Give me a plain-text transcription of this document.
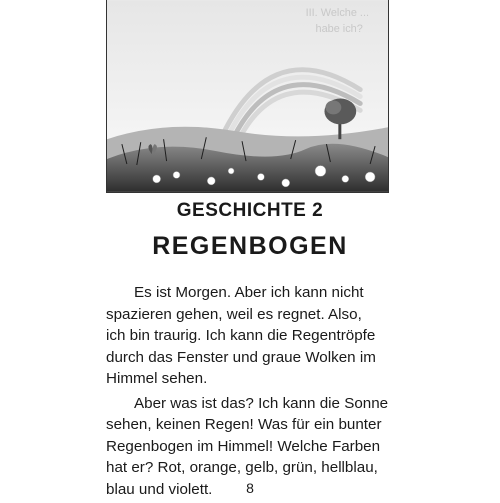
III. Welche ...
habe ich?
GESCHICHTE 2
REGENBOGEN

Es ist Morgen. Aber ich kann nicht
spazieren gehen, weil es regnet. Also,
ich bin traurig. Ich kann die Regentröpfe
durch das Fenster und graue Wolken im
Himmel sehen.

Aber was ist das? Ich kann die Sonne
sehen, keinen Regen! Was für ein bunter
Regenbogen im Himmel! Welche Farben
hat er? Rot, orange, gelb, grün, hellblau,
blau und violett.	8
